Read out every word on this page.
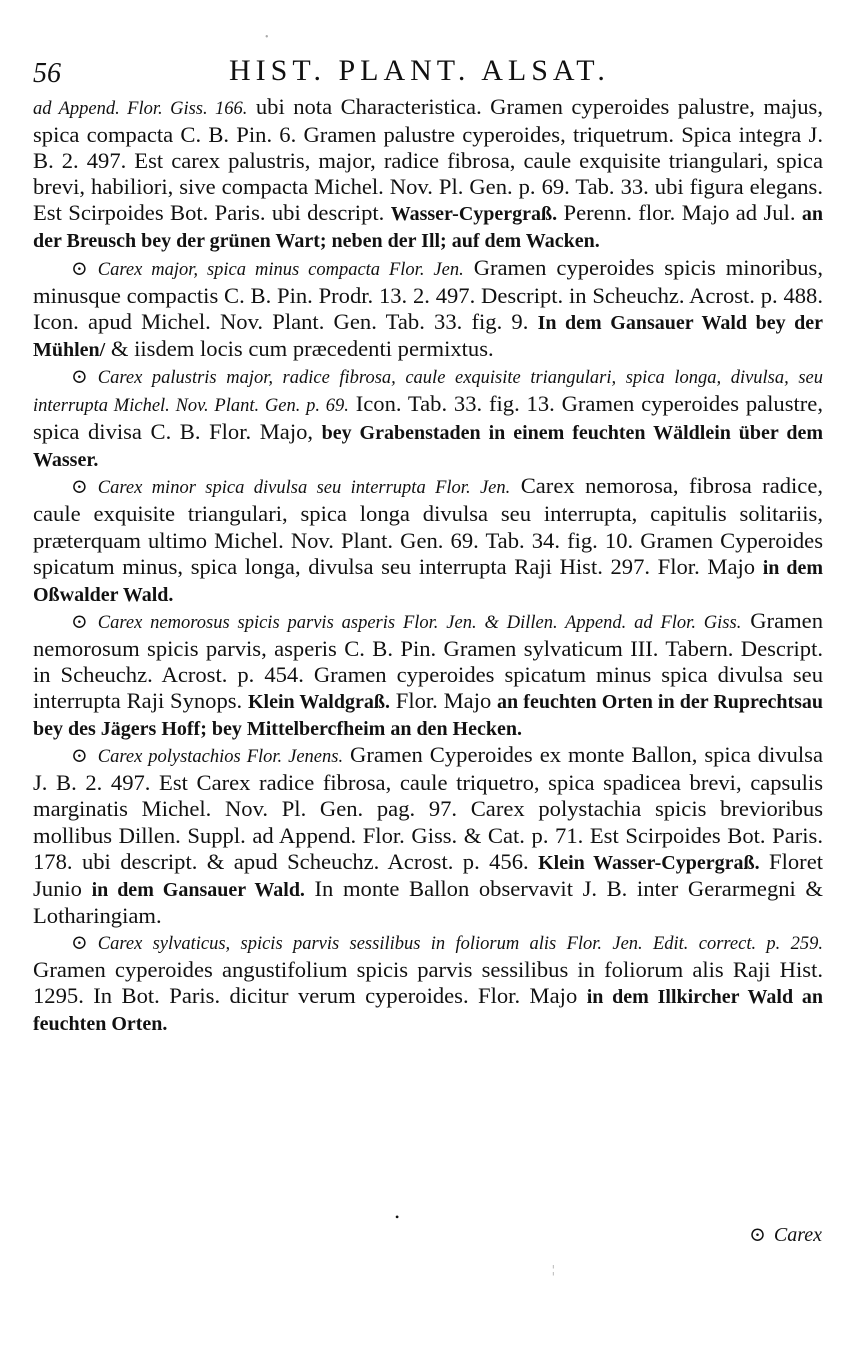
•
56	HIST. PLANT. ALSAT.

ad Append. Flor. Giss. 166. ubi nota Characteristica. Gramen cyperoides palustre, majus, spica compacta C. B. Pin. 6. Gramen palustre cyperoides, triquetrum. Spica integra J. B. 2. 497. Est carex palustris, major, radice fibrosa, caule exquisite triangulari, spica brevi, habiliori, sive compacta Michel. Nov. Pl. Gen. p. 69. Tab. 33. ubi figura elegans. Est Scirpoides Bot. Paris. ubi descript. Wasser-Cypergraß. Perenn. flor. Majo ad Jul. an der Breusch bey der grünen Wart; neben der Ill; auf dem Wacken.

⊙ Carex major, spica minus compacta Flor. Jen. Gramen cyperoides spicis minoribus, minusque compactis C. B. Pin. Prodr. 13. 2. 497. Descript. in Scheuchz. Acrost. p. 488. Icon. apud Michel. Nov. Plant. Gen. Tab. 33. fig. 9. In dem Gansauer Wald bey der Mühlen/ & iisdem locis cum præcedenti permixtus.

⊙ Carex palustris major, radice fibrosa, caule exquisite triangulari, spica longa, divulsa, seu interrupta Michel. Nov. Plant. Gen. p. 69. Icon. Tab. 33. fig. 13. Gramen cyperoides palustre, spica divisa C. B. Flor. Majo, bey Grabenstaden in einem feuchten Wäldlein über dem Wasser.

⊙ Carex minor spica divulsa seu interrupta Flor. Jen. Carex nemorosa, fibrosa radice, caule exquisite triangulari, spica longa divulsa seu interrupta, capitulis solitariis, præterquam ultimo Michel. Nov. Plant. Gen. 69. Tab. 34. fig. 10. Gramen Cyperoides spicatum minus, spica longa, divulsa seu interrupta Raji Hist. 297. Flor. Majo in dem Oßwalder Wald.

⊙ Carex nemorosus spicis parvis asperis Flor. Jen. & Dillen. Append. ad Flor. Giss. Gramen nemorosum spicis parvis, asperis C. B. Pin. Gramen sylvaticum III. Tabern. Descript. in Scheuchz. Acrost. p. 454. Gramen cyperoides spicatum minus spica divulsa seu interrupta Raji Synops. Klein Waldgraß. Flor. Majo an feuchten Orten in der Ruprechtsau bey des Jägers Hoff; bey Mittelbercfheim an den Hecken.

⊙ Carex polystachios Flor. Jenens. Gramen Cyperoides ex monte Ballon, spica divulsa J. B. 2. 497. Est Carex radice fibrosa, caule triquetro, spica spadicea brevi, capsulis marginatis Michel. Nov. Pl. Gen. pag. 97. Carex polystachia spicis brevioribus mollibus Dillen. Suppl. ad Append. Flor. Giss. & Cat. p. 71. Est Scirpoides Bot. Paris. 178. ubi descript. & apud Scheuchz. Acrost. p. 456. Klein Wasser-Cypergraß. Floret Junio in dem Gansauer Wald. In monte Ballon observavit J. B. inter Gerarmegni & Lotharingiam.

⊙ Carex sylvaticus, spicis parvis sessilibus in foliorum alis Flor. Jen. Edit. correct. p. 259. Gramen cyperoides angustifolium spicis parvis sessilibus in foliorum alis Raji Hist. 1295. In Bot. Paris. dicitur verum cyperoides. Flor. Majo in dem Illkircher Wald an feuchten Orten.

•
⊙ Carex
¦
